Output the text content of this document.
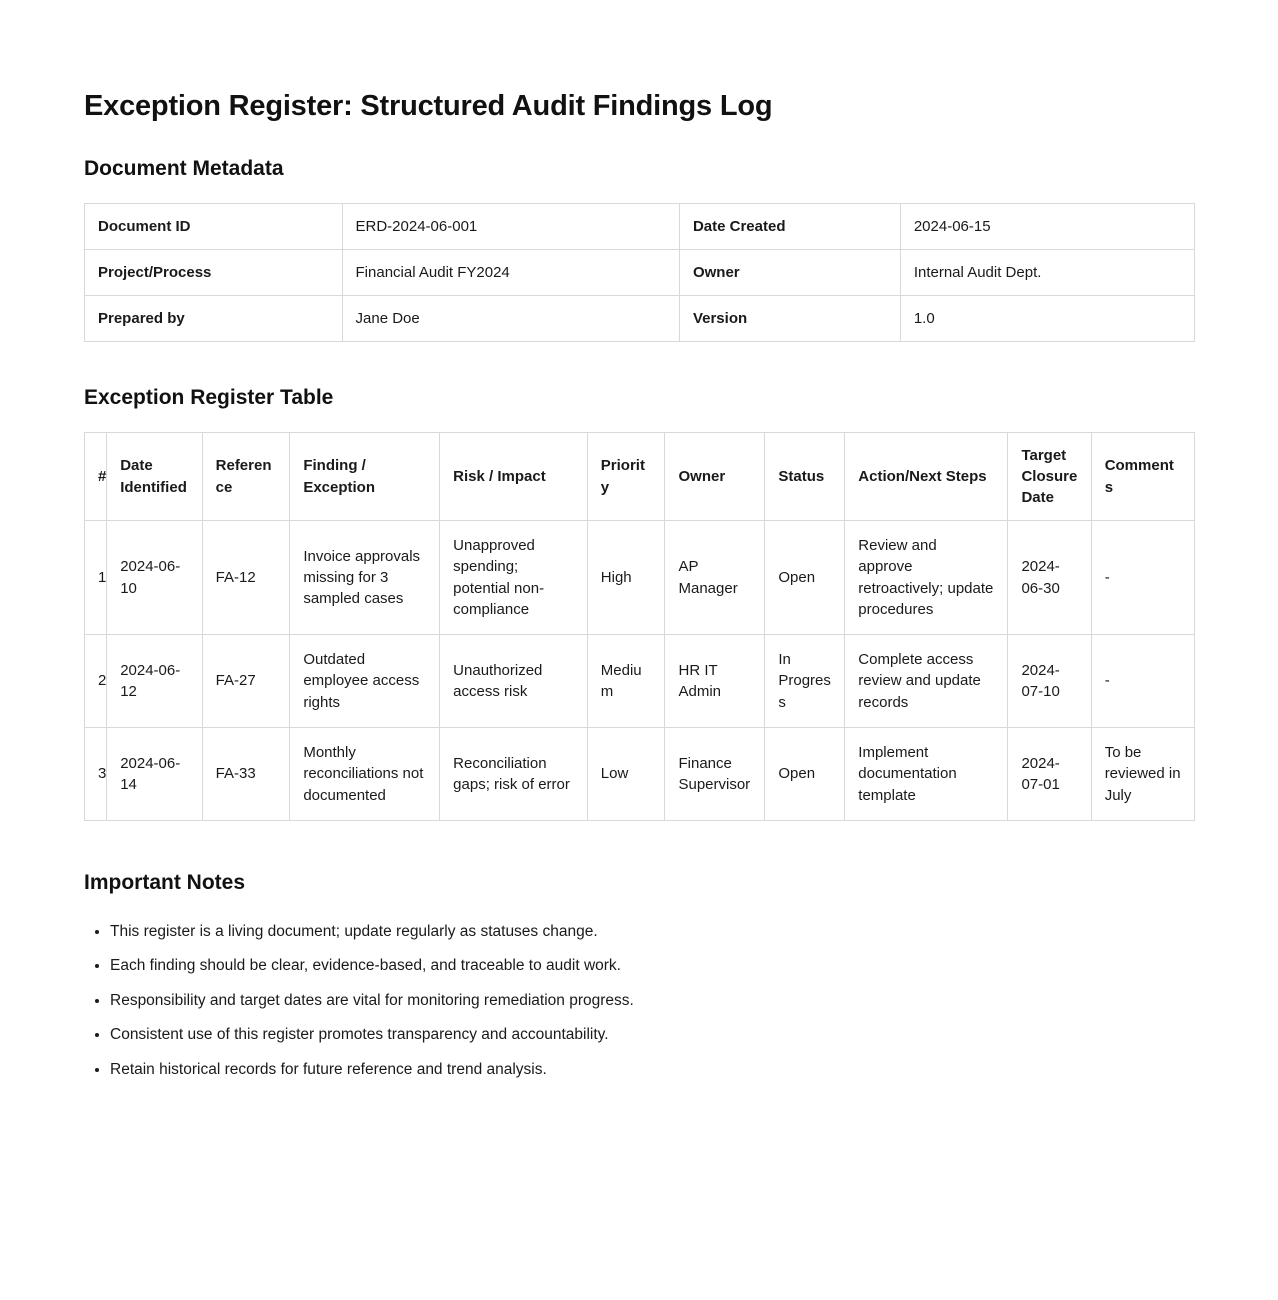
Exception Register: Structured Audit Findings Log
Document Metadata
Document ID	ERD-2024-06-001	Date Created	2024-06-15
Project/Process	Financial Audit FY2024	Owner	Internal Audit Dept.
Prepared by	Jane Doe	Version	1.0
Exception Register Table
#	Date Identified	Reference	Finding / Exception	Risk / Impact	Priority	Owner	Status	Action/Next Steps	Target Closure Date	Comments
1	2024-06-10	FA-12	Invoice approvals missing for 3 sampled cases	Unapproved spending; potential non-compliance	High	AP Manager	Open	Review and approve retroactively; update procedures	2024-06-30	-
2	2024-06-12	FA-27	Outdated employee access rights	Unauthorized access risk	Medium	HR IT Admin	In Progress	Complete access review and update records	2024-07-10	-
3	2024-06-14	FA-33	Monthly reconciliations not documented	Reconciliation gaps; risk of error	Low	Finance Supervisor	Open	Implement documentation template	2024-07-01	To be reviewed in July
Important Notes
• This register is a living document; update regularly as statuses change.
• Each finding should be clear, evidence-based, and traceable to audit work.
• Responsibility and target dates are vital for monitoring remediation progress.
• Consistent use of this register promotes transparency and accountability.
• Retain historical records for future reference and trend analysis.
